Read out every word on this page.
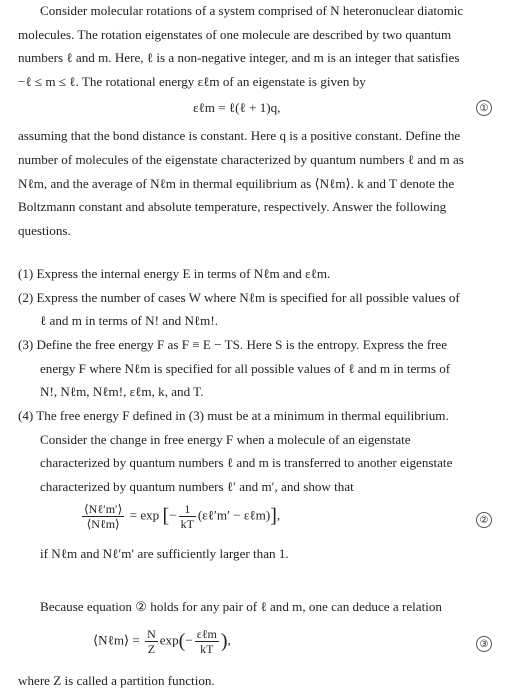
Consider molecular rotations of a system comprised of N heteronuclear diatomic
molecules. The rotation eigenstates of one molecule are described by two quantum
numbers ℓ and m. Here, ℓ is a non-negative integer, and m is an integer that satisfies
−ℓ ≤ m ≤ ℓ. The rotational energy εℓm of an eigenstate is given by
εℓm = ℓ(ℓ + 1)q,	①
assuming that the bond distance is constant. Here q is a positive constant. Define the
number of molecules of the eigenstate characterized by quantum numbers ℓ and m as
Nℓm, and the average of Nℓm in thermal equilibrium as ⟨Nℓm⟩. k and T denote the
Boltzmann constant and absolute temperature, respectively. Answer the following
questions.
(1) Express the internal energy E in terms of Nℓm and εℓm.
(2) Express the number of cases W where Nℓm is specified for all possible values of
ℓ and m in terms of N! and Nℓm!.
(3) Define the free energy F as F ≡ E − TS. Here S is the entropy. Express the free
energy F where Nℓm is specified for all possible values of ℓ and m in terms of
N!, Nℓm, Nℓm!, εℓm, k, and T.
(4) The free energy F defined in (3) must be at a minimum in thermal equilibrium.
Consider the change in free energy F when a molecule of an eigenstate
characterized by quantum numbers ℓ and m is transferred to another eigenstate
characterized by quantum numbers ℓ′ and m′, and show that
$\frac{\text{⟨Nℓ′m′⟩}}{\text{⟨Nℓm⟩}} = \exp$ [− $\frac{1}{kT}$ (εℓ′m′ − εℓm)],	②
if Nℓm and Nℓ′m′ are sufficiently larger than 1.
Because equation ② holds for any pair of ℓ and m, one can deduce a relation
⟨Nℓm⟩ = $\frac{N}{Z} \exp(- \frac{\text{εℓm}}{kT}$ ),	③
where Z is called a partition function.
